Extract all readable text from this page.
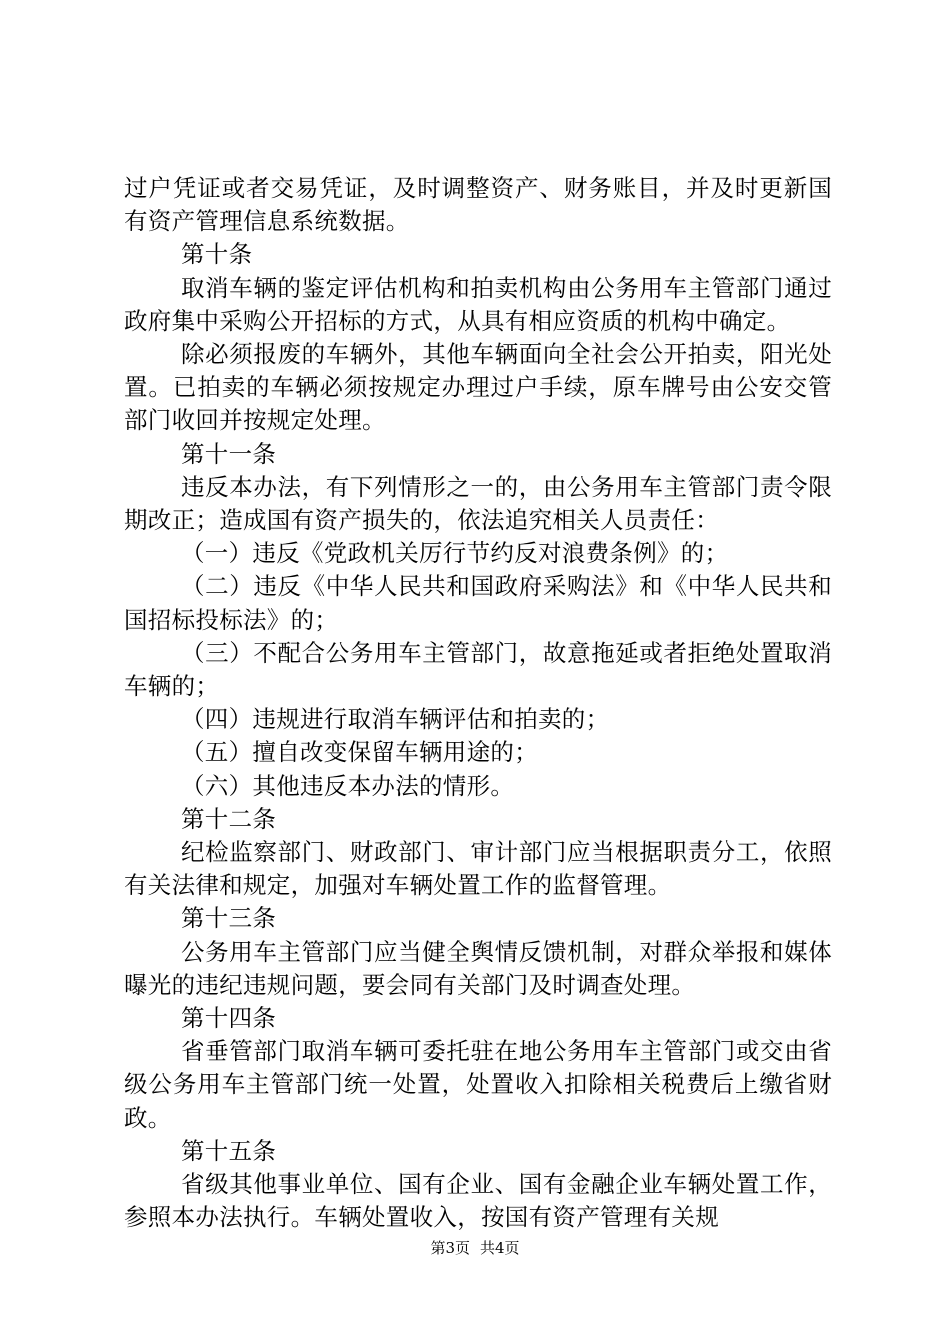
过户凭证或者交易凭证，及时调整资产、财务账目，并及时更新国有资产管理信息系统数据。

第十条

取消车辆的鉴定评估机构和拍卖机构由公务用车主管部门通过政府集中采购公开招标的方式，从具有相应资质的机构中确定。

除必须报废的车辆外，其他车辆面向全社会公开拍卖，阳光处置。已拍卖的车辆必须按规定办理过户手续，原车牌号由公安交管部门收回并按规定处理。

第十一条

违反本办法，有下列情形之一的，由公务用车主管部门责令限期改正；造成国有资产损失的，依法追究相关人员责任：

（一）违反《党政机关厉行节约反对浪费条例》的；

（二）违反《中华人民共和国政府采购法》和《中华人民共和国招标投标法》的；

（三）不配合公务用车主管部门，故意拖延或者拒绝处置取消车辆的；

（四）违规进行取消车辆评估和拍卖的；

（五）擅自改变保留车辆用途的；

（六）其他违反本办法的情形。

第十二条

纪检监察部门、财政部门、审计部门应当根据职责分工，依照有关法律和规定，加强对车辆处置工作的监督管理。

第十三条

公务用车主管部门应当健全舆情反馈机制，对群众举报和媒体曝光的违纪违规问题，要会同有关部门及时调查处理。

第十四条

省垂管部门取消车辆可委托驻在地公务用车主管部门或交由省级公务用车主管部门统一处置，处置收入扣除相关税费后上缴省财政。

第十五条

省级其他事业单位、国有企业、国有金融企业车辆处置工作，参照本办法执行。车辆处置收入，按国有资产管理有关规

第3页 共4页
